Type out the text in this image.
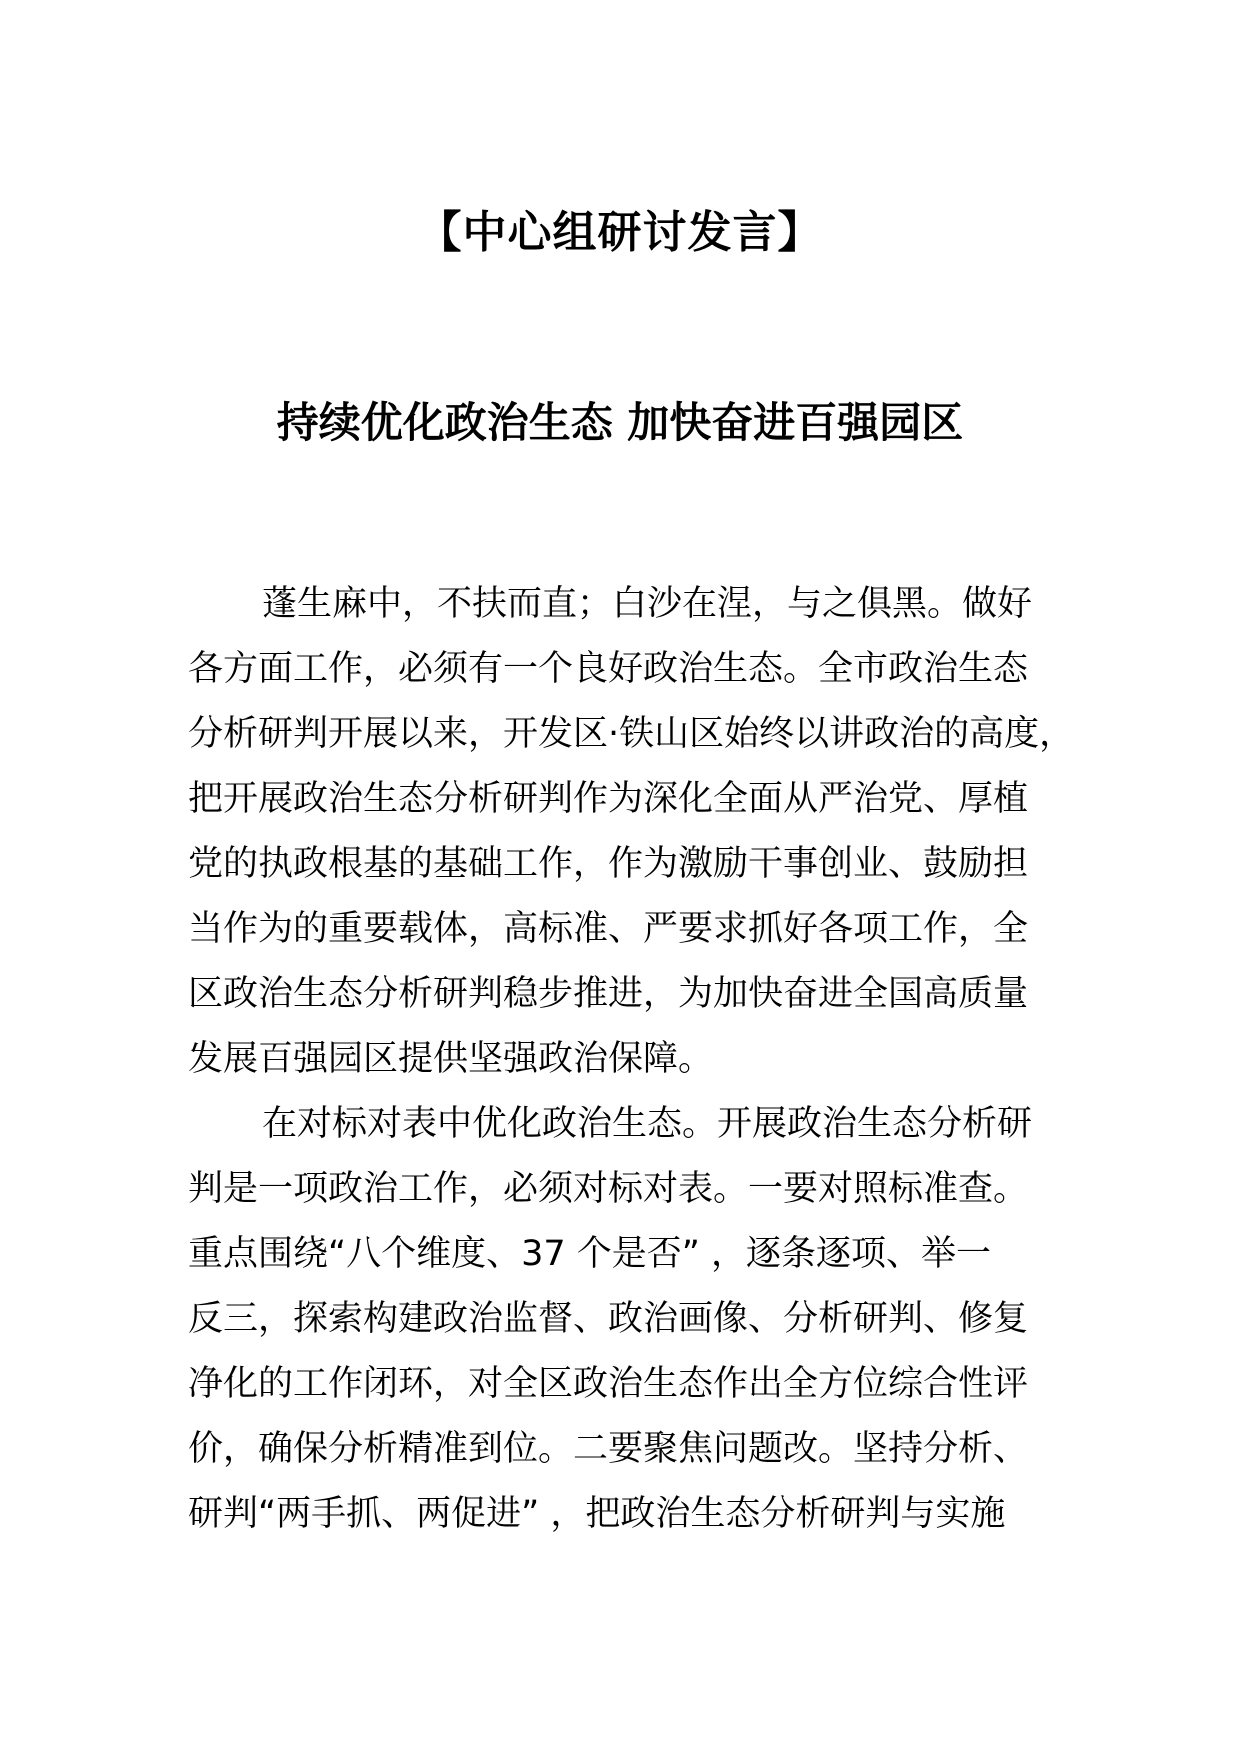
【中心组研讨发言】
持续优化政治生态 加快奋进百强园区
蓬生麻中，不扶而直；白沙在涅，与之俱黑。做好
各方面工作，必须有一个良好政治生态。全市政治生态
分析研判开展以来，开发区·铁山区始终以讲政治的高度，
把开展政治生态分析研判作为深化全面从严治党、厚植
党的执政根基的基础工作，作为激励干事创业、鼓励担
当作为的重要载体，高标准、严要求抓好各项工作，全
区政治生态分析研判稳步推进，为加快奋进全国高质量
发展百强园区提供坚强政治保障。
在对标对表中优化政治生态。开展政治生态分析研
判是一项政治工作，必须对标对表。一要对照标准查。
重点围绕“八个维度、37 个是否” ，逐条逐项、举一
反三，探索构建政治监督、政治画像、分析研判、修复
净化的工作闭环，对全区政治生态作出全方位综合性评
价，确保分析精准到位。二要聚焦问题改。坚持分析、
研判“两手抓、两促进” ，把政治生态分析研判与实施
